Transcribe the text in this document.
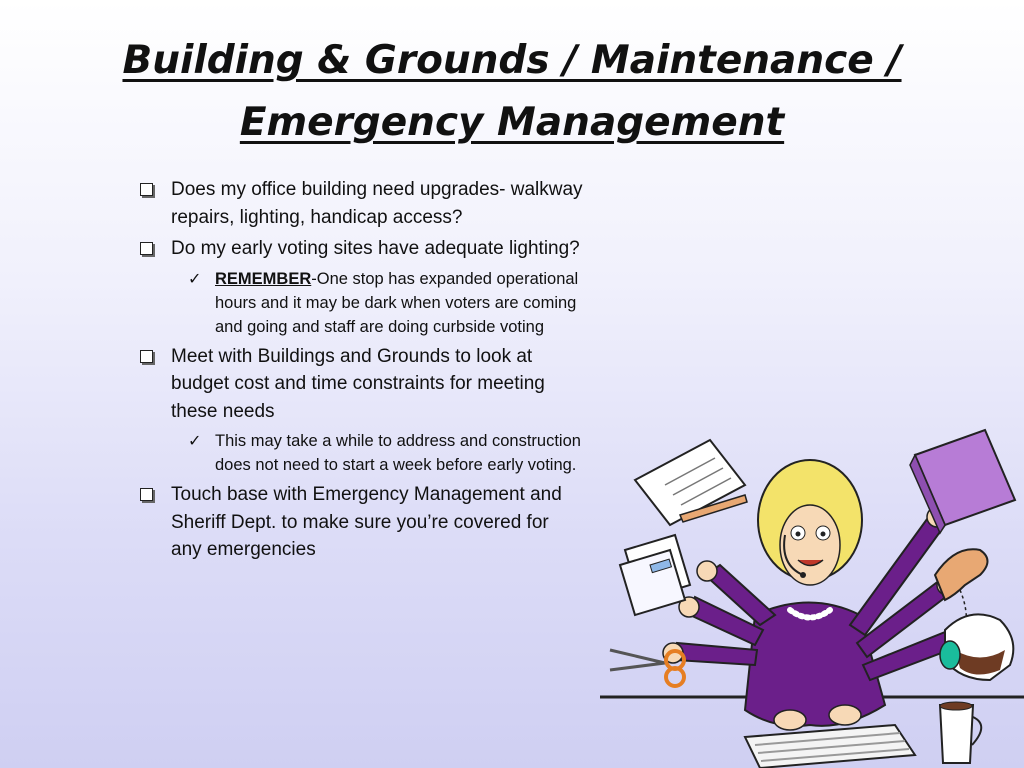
Building & Grounds / Maintenance /
Emergency Management
Does my office building need upgrades- walkway repairs, lighting, handicap access?
Do my early voting sites have adequate lighting?
✓ REMEMBER-One stop has expanded operational hours and it may be dark when voters are coming and going and staff are doing curbside voting
Meet with Buildings and Grounds to look at budget cost and time constraints for meeting these needs
✓ This may take a while to address and construction does not need to start a week before early voting.
Touch base with Emergency Management and Sheriff Dept. to make sure you’re covered for any emergencies
